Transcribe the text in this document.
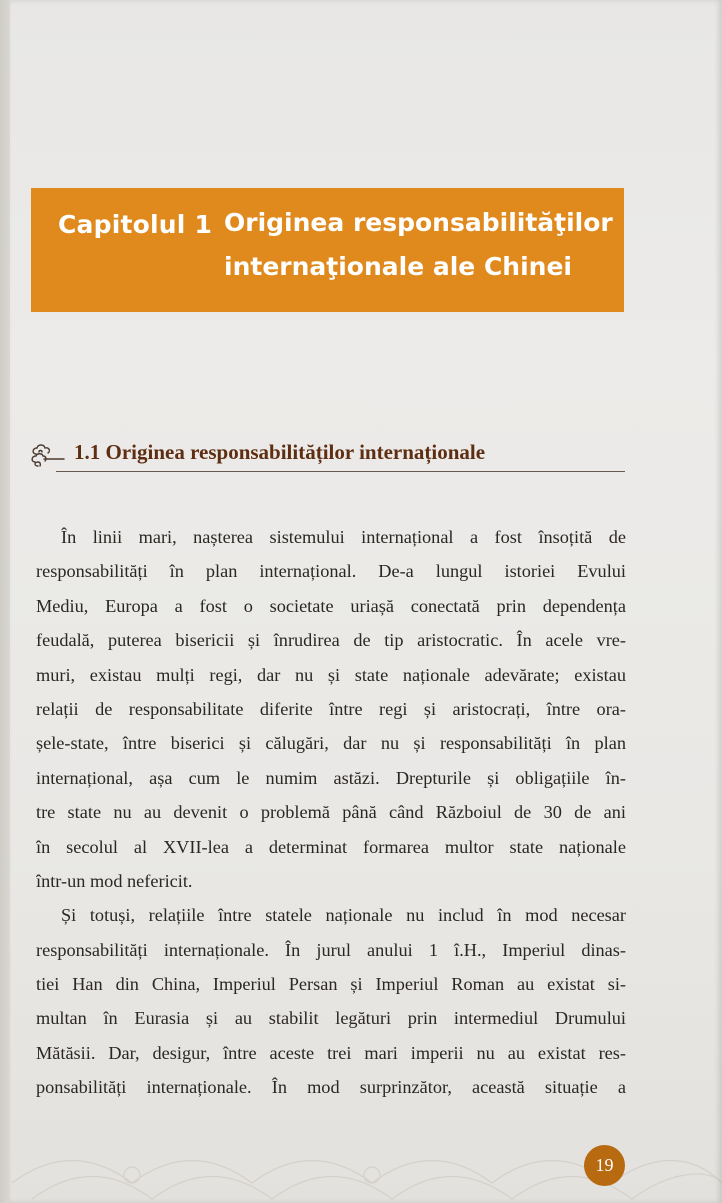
Capitolul 1 Originea responsabilităţilor
internaţionale ale Chinei
1.1 Originea responsabilităților internaționale
În linii mari, nașterea sistemului internațional a fost însoțită de
responsabilități în plan internațional. De-a lungul istoriei Evului
Mediu, Europa a fost o societate uriașă conectată prin dependența
feudală, puterea bisericii și înrudirea de tip aristocratic. În acele vre-
muri, existau mulți regi, dar nu și state naționale adevărate; existau
relații de responsabilitate diferite între regi și aristocrați, între ora-
șele-state, între biserici și călugări, dar nu și responsabilități în plan
internațional, așa cum le numim astăzi. Drepturile și obligațiile în-
tre state nu au devenit o problemă până când Războiul de 30 de ani
în secolul al XVII-lea a determinat formarea multor state naționale
într-un mod nefericit.
Și totuși, relațiile între statele naționale nu includ în mod necesar
responsabilități internaționale. În jurul anului 1 î.H., Imperiul dinas-
tiei Han din China, Imperiul Persan și Imperiul Roman au existat si-
multan în Eurasia și au stabilit legături prin intermediul Drumului
Mătăsii. Dar, desigur, între aceste trei mari imperii nu au existat res-
ponsabilități internaționale. În mod surprinzător, această situație a
19
